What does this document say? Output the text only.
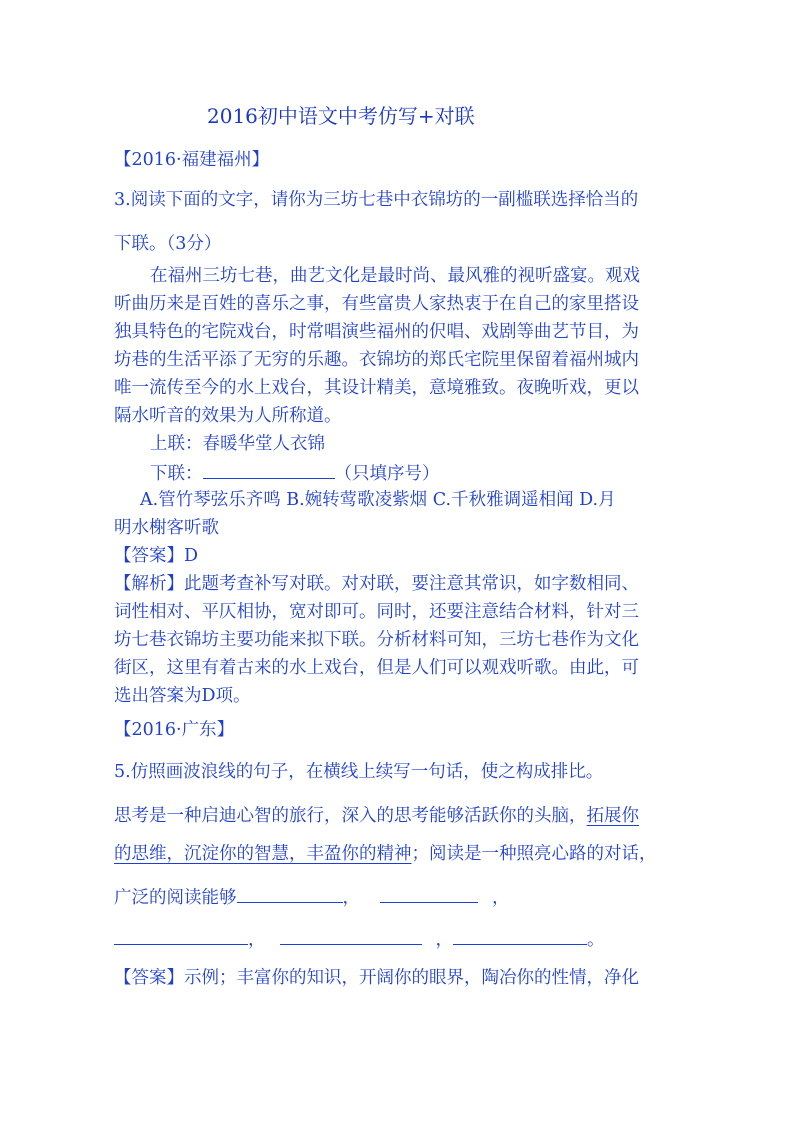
2016初中语文中考仿写+对联
【2016·福建福州】
3.阅读下面的文字，请你为三坊七巷中衣锦坊的一副槛联选择恰当的
下联。（3分）
在福州三坊七巷，曲艺文化是最时尚、最风雅的视听盛宴。观戏
听曲历来是百姓的喜乐之事，有些富贵人家热衷于在自己的家里搭设
独具特色的宅院戏台，时常唱演些福州的伬唱、戏剧等曲艺节目，为
坊巷的生活平添了无穷的乐趣。衣锦坊的郑氏宅院里保留着福州城内
唯一流传至今的水上戏台，其设计精美，意境雅致。夜晚听戏，更以
隔水听音的效果为人所称道。
上联：春暖华堂人衣锦
下联：	（只填序号）
A.管竹琴弦乐齐鸣 B.婉转莺歌凌紫烟 C.千秋雅调遥相闻 D.月
明水榭客听歌
【答案】D
【解析】此题考查补写对联。对对联，要注意其常识，如字数相同、
词性相对、平仄相协，宽对即可。同时，还要注意结合材料，针对三
坊七巷衣锦坊主要功能来拟下联。分析材料可知，三坊七巷作为文化
街区，这里有着古来的水上戏台，但是人们可以观戏听歌。由此，可
选出答案为D项。
【2016·广东】
5.仿照画波浪线的句子，在横线上续写一句话，使之构成排比。
思考是一种启迪心智的旅行，深入的思考能够活跃你的头脑，拓展你
的思维，沉淀你的智慧，丰盈你的精神；阅读是一种照亮心路的对话，
广泛的阅读能够	，	，
，	，	。
【答案】示例；丰富你的知识，开阔你的眼界，陶冶你的性情，净化
